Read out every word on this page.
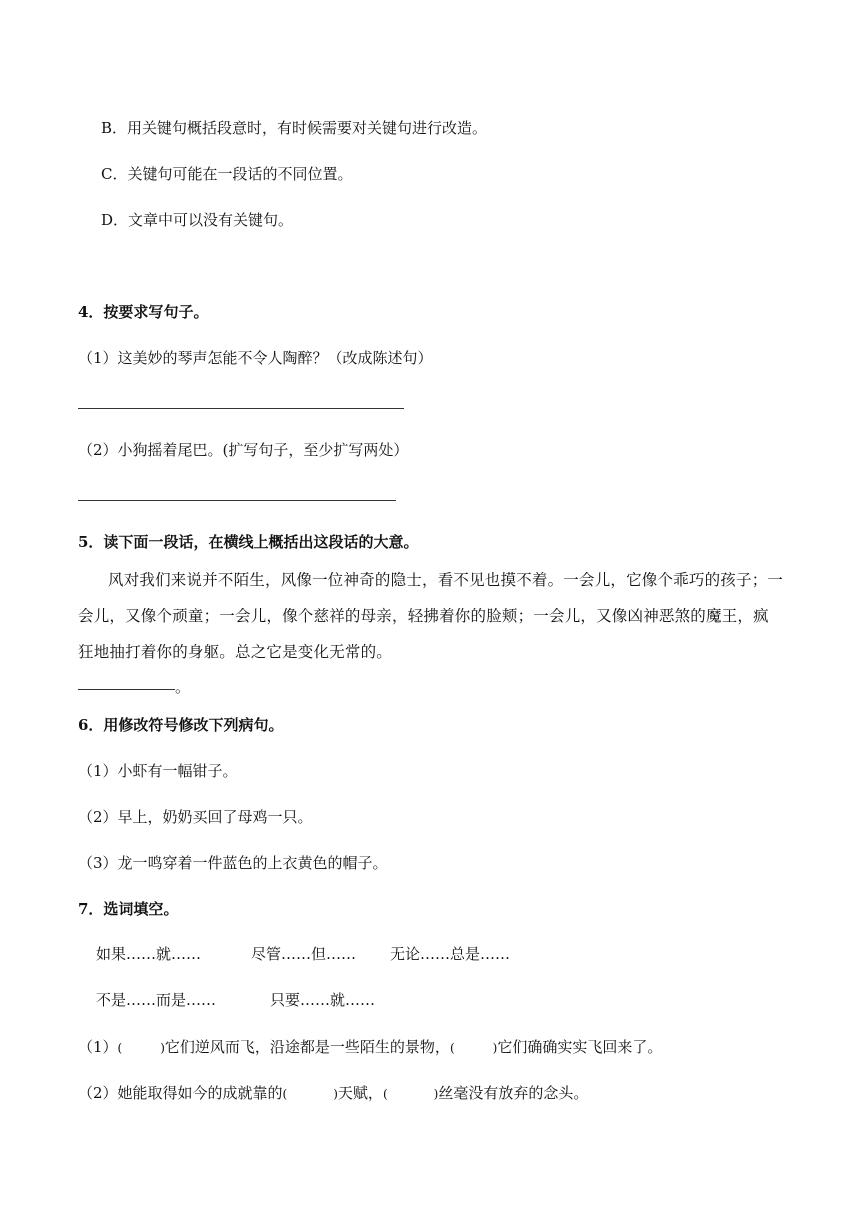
B．用关键句概括段意时，有时候需要对关键句进行改造。
C．关键句可能在一段话的不同位置。
D．文章中可以没有关键句。
4．按要求写句子。
（1）这美妙的琴声怎能不令人陶醉？（改成陈述句）
（2）小狗摇着尾巴。(扩写句子，至少扩写两处）
5．读下面一段话，在横线上概括出这段话的大意。
风对我们来说并不陌生，风像一位神奇的隐士，看不见也摸不着。一会儿，它像个乖巧的孩子；一会儿，又像个顽童；一会儿，像个慈祥的母亲，轻拂着你的脸颊；一会儿，又像凶神恶煞的魔王，疯狂地抽打着你的身躯。总之它是变化无常的。
。
6．用修改符号修改下列病句。
（1）小虾有一幅钳子。
（2）早上，奶奶买回了母鸡一只。
（3）龙一鸣穿着一件蓝色的上衣黄色的帽子。
7．选词填空。
如果……就……	尽管……但…… 无论……总是……
不是……而是……	只要……就……
（1）(	)它们逆风而飞，沿途都是一些陌生的景物，(	)它们确确实实飞回来了。
（2）她能取得如今的成就靠的(	)天赋，(	)丝毫没有放弃的念头。
